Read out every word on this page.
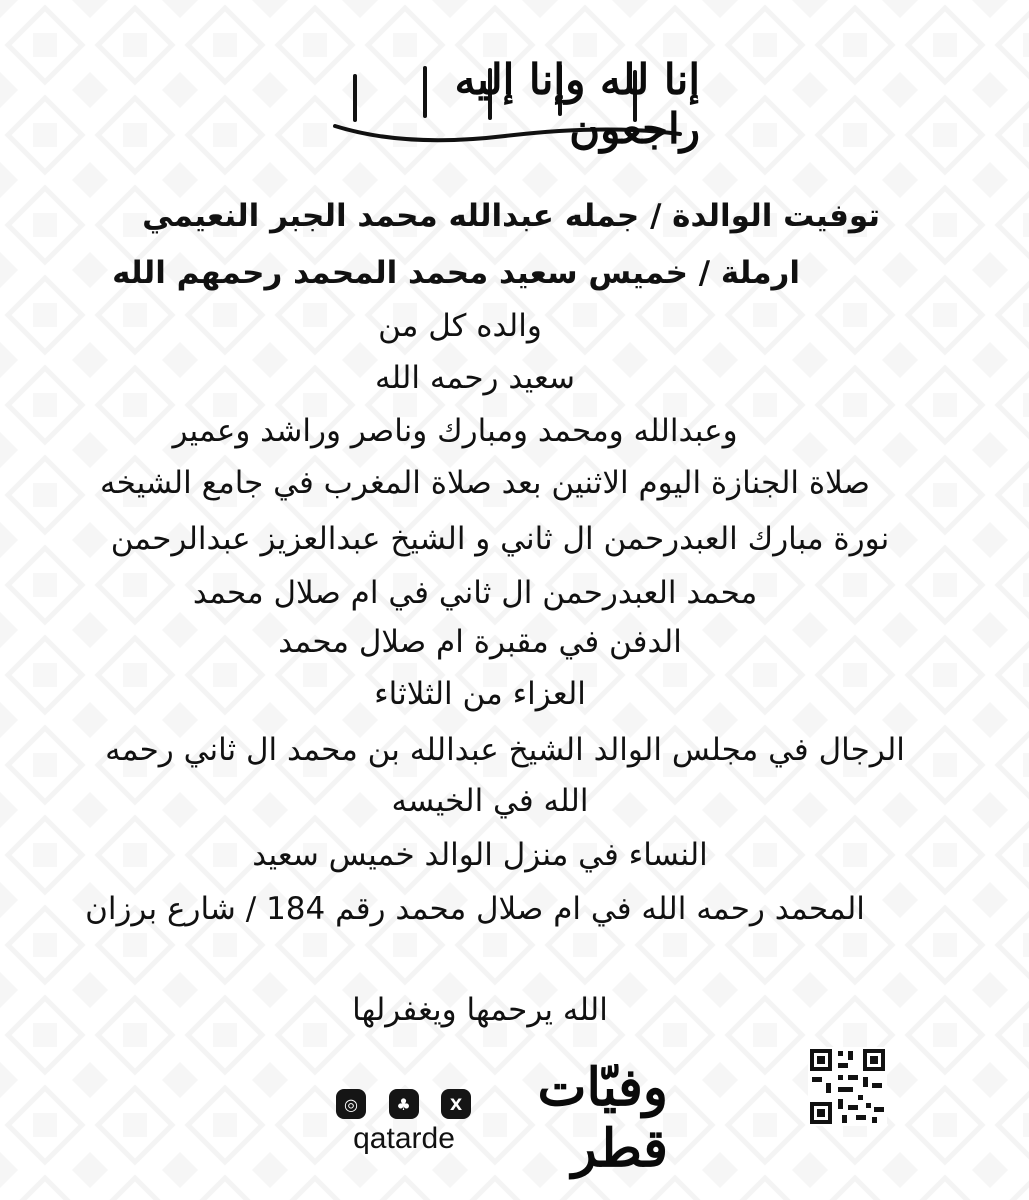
إنا لله وإنا إليه راجعون
توفيت الوالدة / جمله عبدالله محمد الجبر النعيمي
ارملة / خميس سعيد محمد المحمد رحمهم الله
والده كل من
سعيد رحمه الله
وعبدالله ومحمد ومبارك وناصر وراشد وعمير
صلاة الجنازة اليوم الاثنين بعد صلاة المغرب في جامع الشيخه
نورة مبارك العبدرحمن ال ثاني و الشيخ عبدالعزيز عبدالرحمن
محمد العبدرحمن ال ثاني في ام صلال محمد
الدفن في مقبرة ام صلال محمد
العزاء من الثلاثاء
الرجال في مجلس الوالد الشيخ عبدالله بن محمد ال ثاني رحمه
الله في الخيسه
النساء في منزل الوالد خميس سعيد
المحمد رحمه الله في ام صلال محمد رقم 184 / شارع برزان
الله يرحمها ويغفرلها
وفيّات قطر
◎	♣	X
qatarde
